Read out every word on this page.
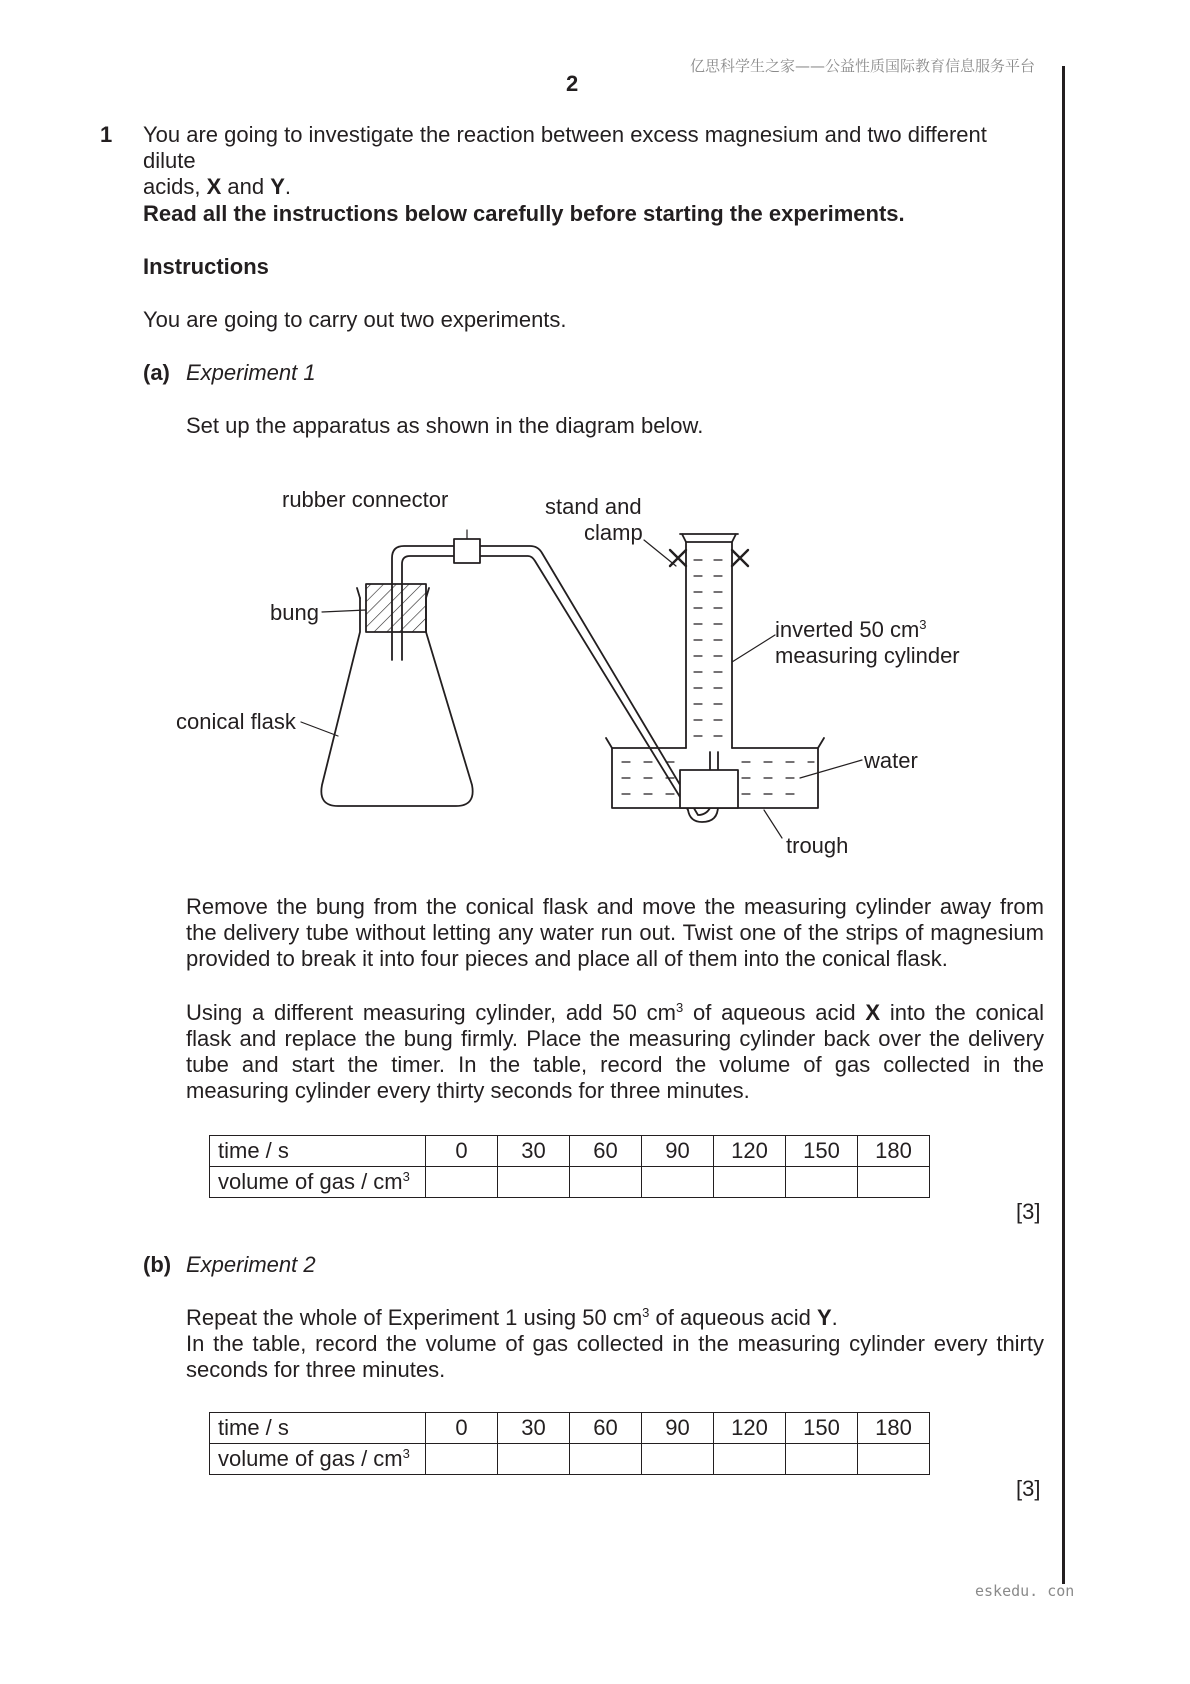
亿思科学生之家——公益性质国际教育信息服务平台
2
1 You are going to investigate the reaction between excess magnesium and two different dilute
acids, X and Y.
Read all the instructions below carefully before starting the experiments.
Instructions
You are going to carry out two experiments.
(a) Experiment 1
Set up the apparatus as shown in the diagram below.
rubber connector	stand and
clamp
bung
inverted 50 $cm^3$
measuring cylinder
conical flask
water
trough
Remove the bung from the conical flask and move the measuring cylinder away from the delivery tube without letting any water run out. Twist one of the strips of magnesium provided to break it into four pieces and place all of them into the conical flask.
Using a different measuring cylinder, add 50 $cm^3$ of aqueous acid X into the conical flask and replace the bung firmly. Place the measuring cylinder back over the delivery tube and start the timer. In the table, record the volume of gas collected in the measuring cylinder every thirty seconds for three minutes.
time / s	0	30	60	90	120	150	180
volume of gas / $cm^3$							
[3]
(b) Experiment 2
Repeat the whole of Experiment 1 using 50 $cm^3$ of aqueous acid Y.
In the table, record the volume of gas collected in the measuring cylinder every thirty seconds for three minutes.
time / s	0	30	60	90	120	150	180
volume of gas / $cm^3$							
[3]
eskedu. con
